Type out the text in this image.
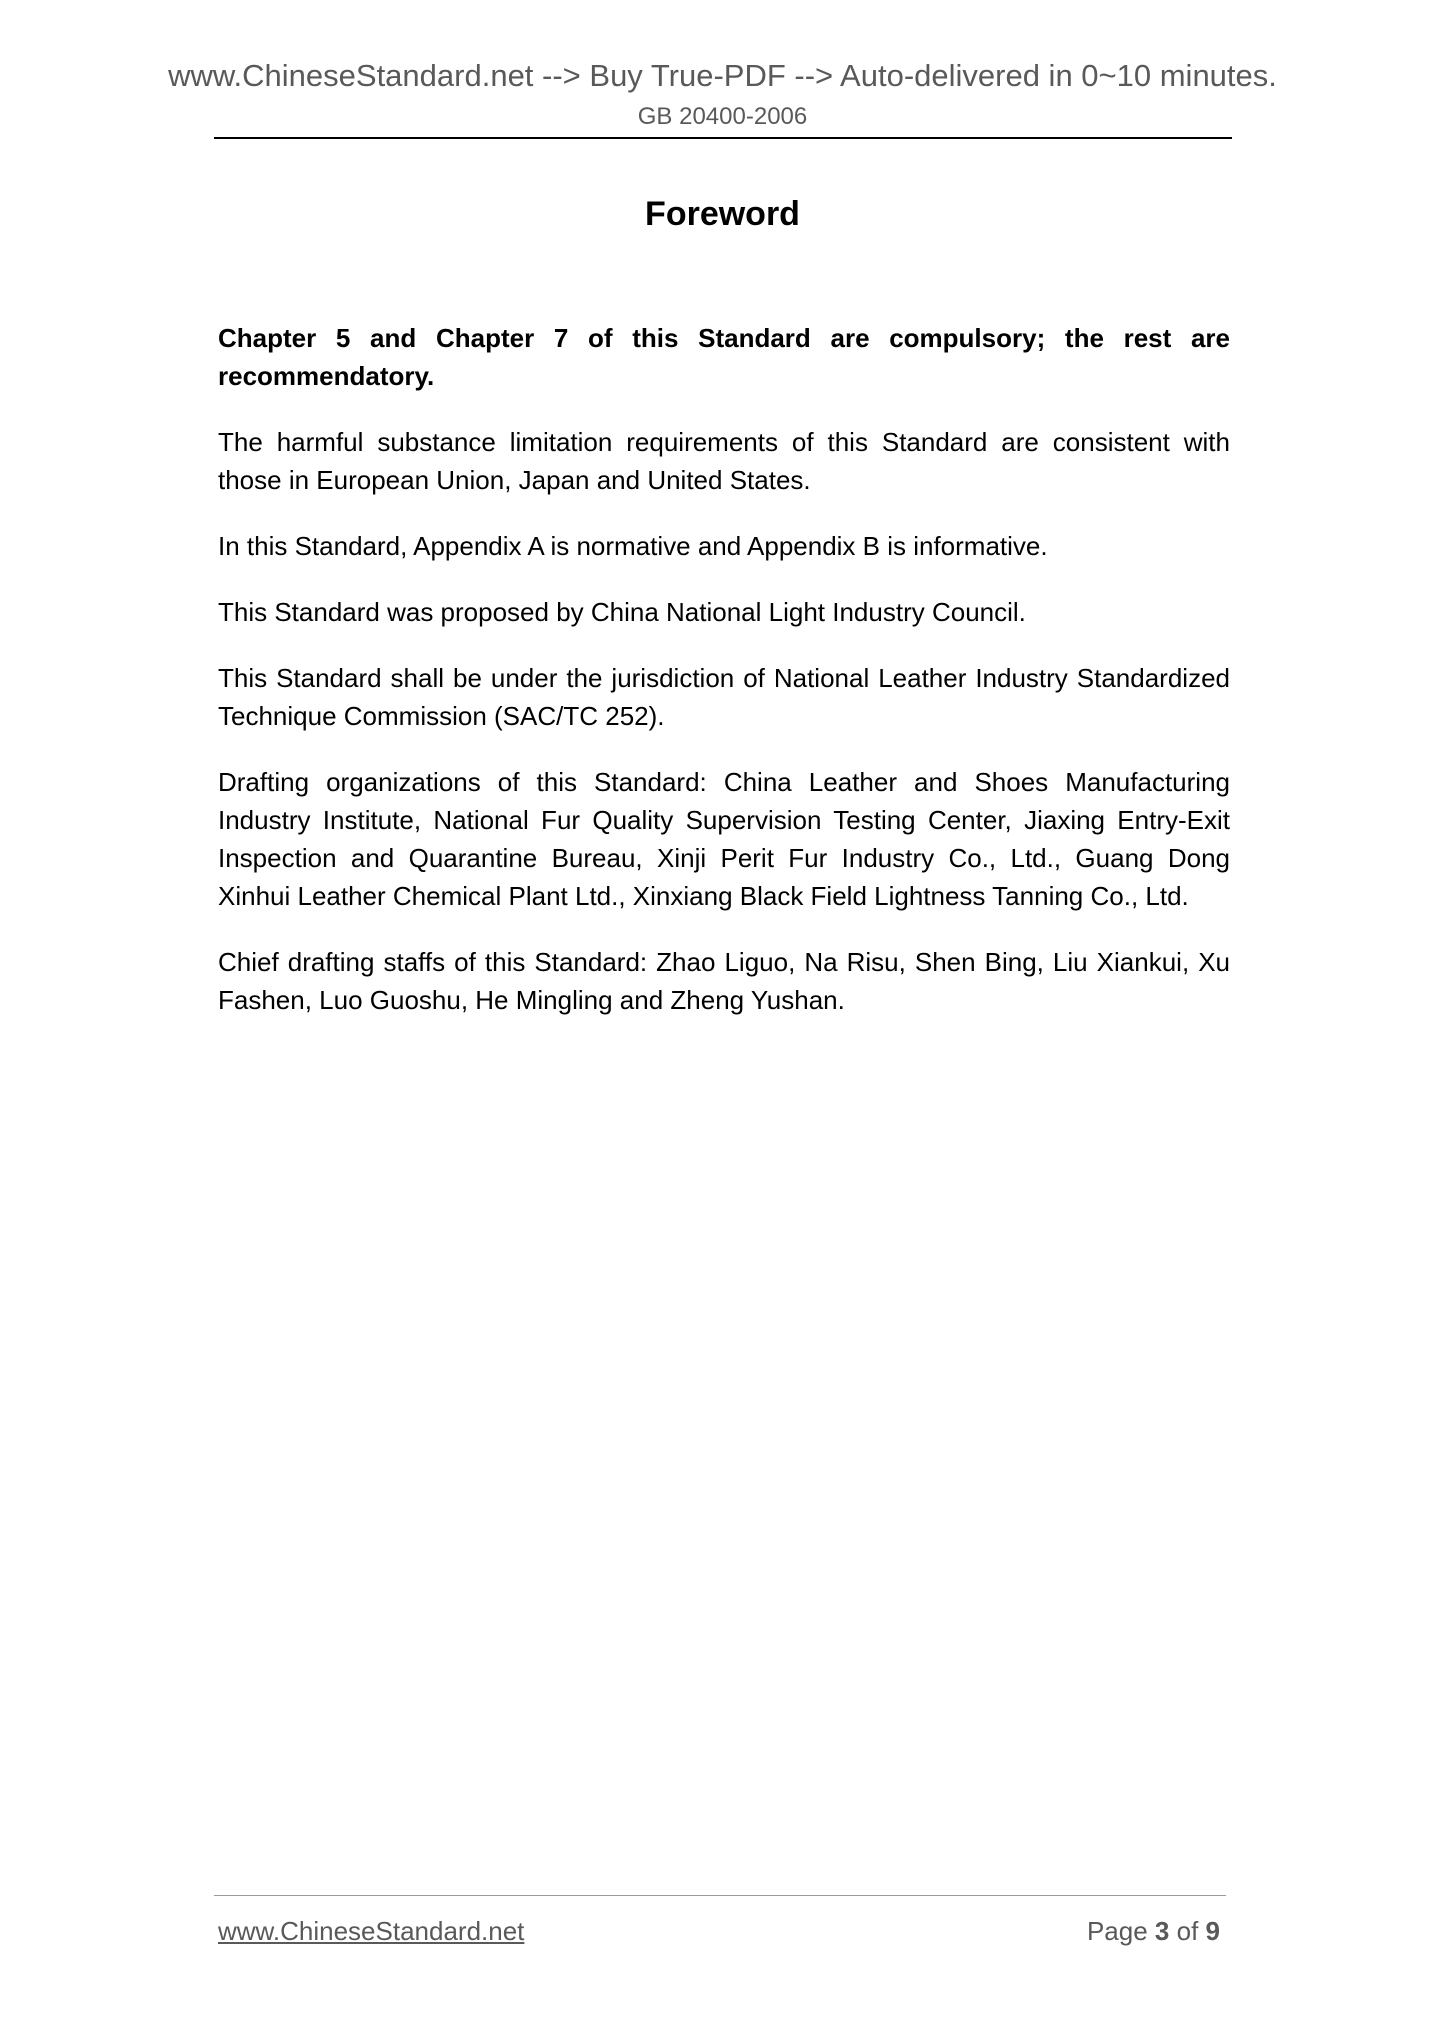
www.ChineseStandard.net --> Buy True-PDF --> Auto-delivered in 0~10 minutes.
GB 20400-2006
Foreword

Chapter 5 and Chapter 7 of this Standard are compulsory; the rest are recommendatory.

The harmful substance limitation requirements of this Standard are consistent with those in European Union, Japan and United States.

In this Standard, Appendix A is normative and Appendix B is informative.

This Standard was proposed by China National Light Industry Council.

This Standard shall be under the jurisdiction of National Leather Industry Standardized Technique Commission (SAC/TC 252).

Drafting organizations of this Standard: China Leather and Shoes Manufacturing Industry Institute, National Fur Quality Supervision Testing Center, Jiaxing Entry-Exit Inspection and Quarantine Bureau, Xinji Perit Fur Industry Co., Ltd., Guang Dong Xinhui Leather Chemical Plant Ltd., Xinxiang Black Field Lightness Tanning Co., Ltd.

Chief drafting staffs of this Standard: Zhao Liguo, Na Risu, Shen Bing, Liu Xiankui, Xu Fashen, Luo Guoshu, He Mingling and Zheng Yushan.

www.ChineseStandard.net	Page 3 of 9
